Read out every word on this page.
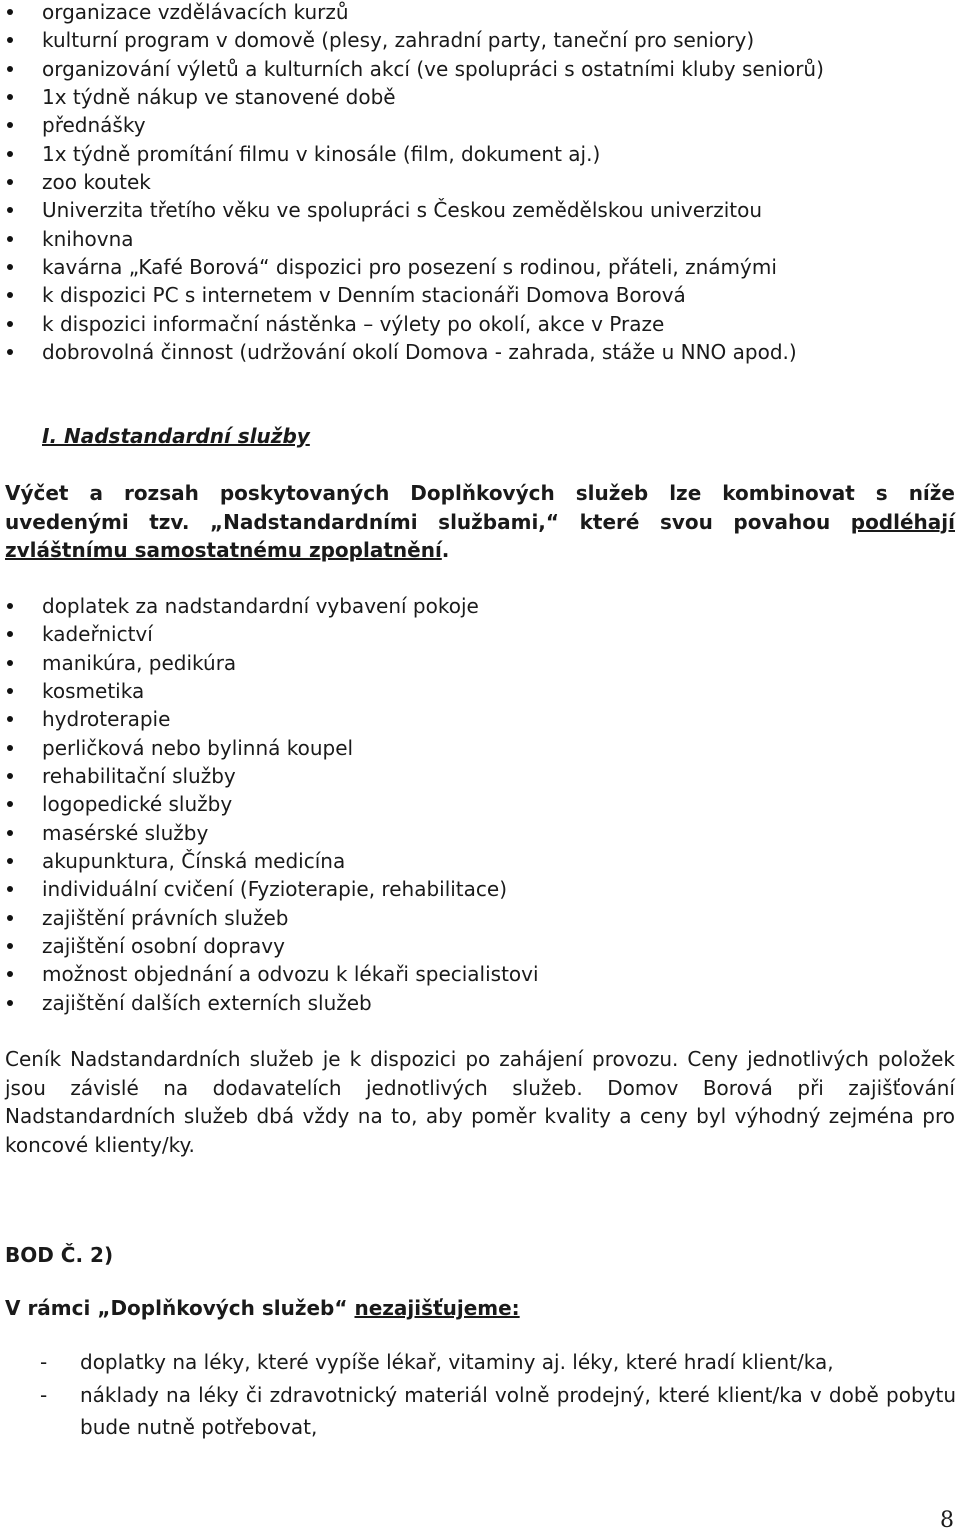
organizace vzdělávacích kurzů
kulturní program v domově (plesy, zahradní party, taneční pro seniory)
organizování výletů a kulturních akcí (ve spolupráci s ostatními kluby seniorů)
1x týdně nákup ve stanovené době
přednášky
1x týdně promítání filmu v kinosále (film, dokument aj.)
zoo koutek
Univerzita třetího věku ve spolupráci s Českou zemědělskou univerzitou
knihovna
kavárna „Kafé Borová“ dispozici pro posezení s rodinou, přáteli, známými
k dispozici PC s internetem v Denním stacionáři Domova Borová
k dispozici informační nástěnka – výlety po okolí, akce v Praze
dobrovolná činnost (udržování okolí Domova - zahrada, stáže u NNO apod.)
I. Nadstandardní služby
Výčet a rozsah poskytovaných Doplňkových služeb lze kombinovat s níže uvedenými tzv. „Nadstandardními službami,“ které svou povahou podléhají zvláštnímu samostatnému zpoplatnění.
doplatek za nadstandardní vybavení pokoje
kadeřnictví
manikúra, pedikúra
kosmetika
hydroterapie
perličková nebo bylinná koupel
rehabilitační služby
logopedické služby
masérské služby
akupunktura, Čínská medicína
individuální cvičení (Fyzioterapie, rehabilitace)
zajištění právních služeb
zajištění osobní dopravy
možnost objednání a odvozu k lékaři specialistovi
zajištění dalších externích služeb
Ceník Nadstandardních služeb je k dispozici po zahájení provozu. Ceny jednotlivých položek jsou závislé na dodavatelích jednotlivých služeb. Domov Borová při zajišťování Nadstandardních služeb dbá vždy na to, aby poměr kvality a ceny byl výhodný zejména pro koncové klienty/ky.
BOD Č. 2)
V rámci „Doplňkových služeb“ nezajišťujeme:
- doplatky na léky, které vypíše lékař, vitaminy aj. léky, které hradí klient/ka,
- náklady na léky či zdravotnický materiál volně prodejný, které klient/ka v době pobytu bude nutně potřebovat,
8
